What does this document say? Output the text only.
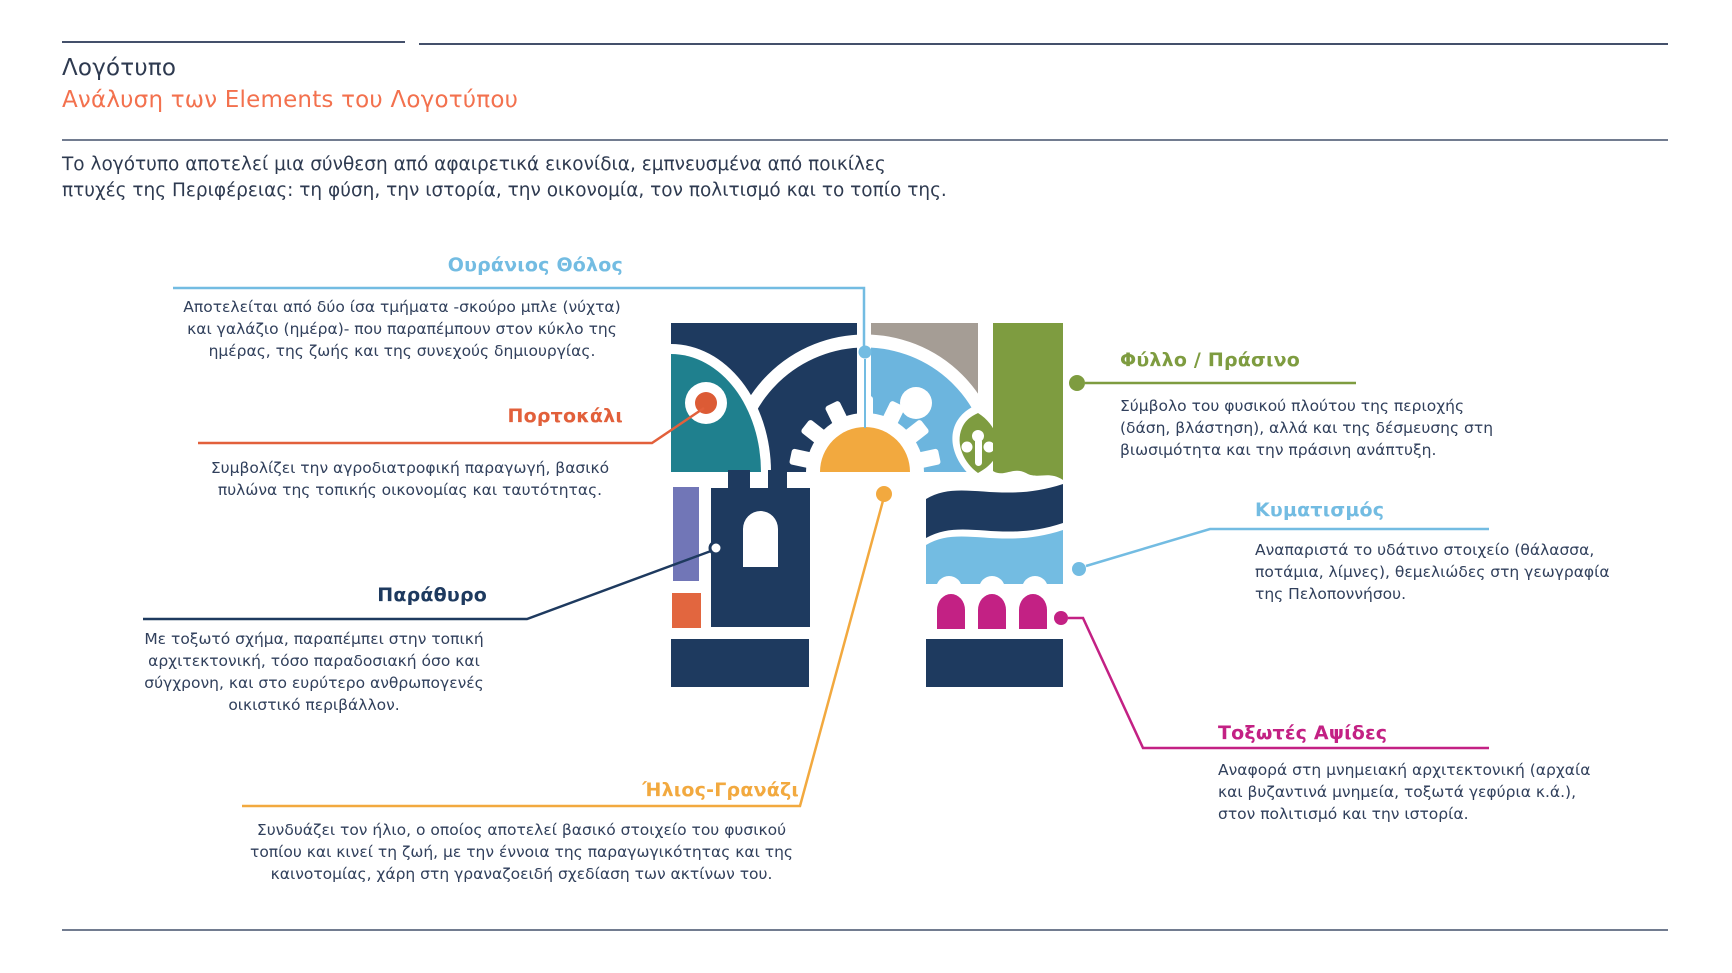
Λογότυπο
Ανάλυση των Elements του Λογοτύπου
Το λογότυπο αποτελεί μια σύνθεση από αφαιρετικά εικονίδια, εμπνευσμένα από ποικίλες
πτυχές της Περιφέρειας: τη φύση, την ιστορία, την οικονομία, τον πολιτισμό και το τοπίο της.
Ουράνιος Θόλος
Αποτελείται από δύο ίσα τμήματα -σκούρο μπλε (νύχτα)
και γαλάζιο (ημέρα)- που παραπέμπουν στον κύκλο της
ημέρας, της ζωής και της συνεχούς δημιουργίας.
Πορτοκάλι
Συμβολίζει την αγροδιατροφική παραγωγή, βασικό
πυλώνα της τοπικής οικονομίας και ταυτότητας.
Παράθυρο
Με τοξωτό σχήμα, παραπέμπει στην τοπική
αρχιτεκτονική, τόσο παραδοσιακή όσο και
σύγχρονη, και στο ευρύτερο ανθρωπογενές
οικιστικό περιβάλλον.
Ήλιος-Γρανάζι
Συνδυάζει τον ήλιο, ο οποίος αποτελεί βασικό στοιχείο του φυσικού
τοπίου και κινεί τη ζωή, με την έννοια της παραγωγικότητας και της
καινοτομίας, χάρη στη γραναζοειδή σχεδίαση των ακτίνων του.
Φύλλο / Πράσινο
Σύμβολο του φυσικού πλούτου της περιοχής
(δάση, βλάστηση), αλλά και της δέσμευσης στη
βιωσιμότητα και την πράσινη ανάπτυξη.
Κυματισμός
Αναπαριστά το υδάτινο στοιχείο (θάλασσα,
ποτάμια, λίμνες), θεμελιώδες στη γεωγραφία
της Πελοποννήσου.
Τοξωτές Αψίδες
Αναφορά στη μνημειακή αρχιτεκτονική (αρχαία
και βυζαντινά μνημεία, τοξωτά γεφύρια κ.ά.),
στον πολιτισμό και την ιστορία.
